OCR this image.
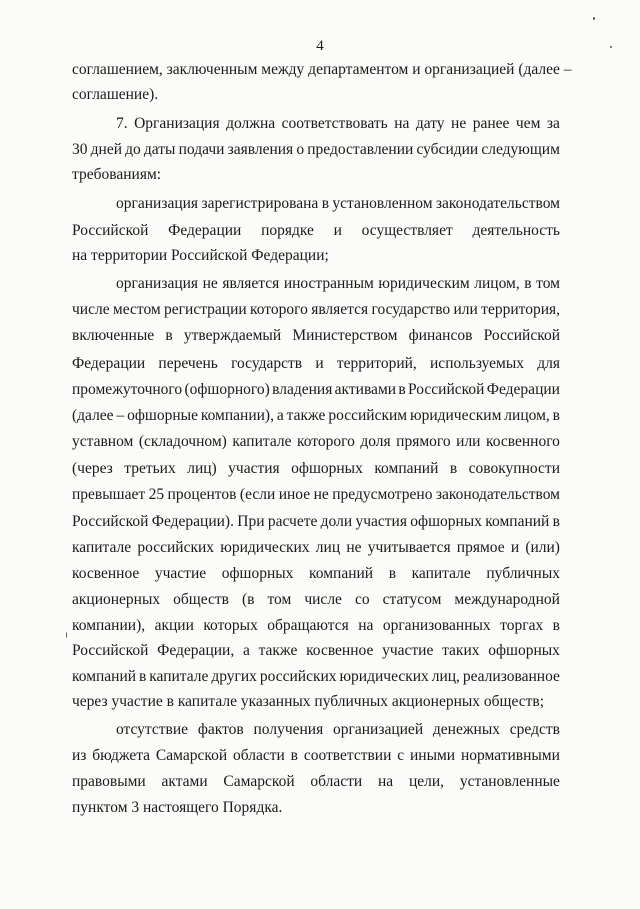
4
соглашением, заключенным между департаментом и организацией (далее –
соглашение).
7. Организация должна соответствовать на дату не ранее чем за
30 дней до даты подачи заявления о предоставлении субсидии следующим
требованиям:
организация зарегистрирована в установленном законодательством
Российской Федерации порядке и осуществляет деятельность
на территории Российской Федерации;
организация не является иностранным юридическим лицом, в том
числе местом регистрации которого является государство или территория,
включенные в утверждаемый Министерством финансов Российской
Федерации перечень государств и территорий, используемых для
промежуточного (офшорного) владения активами в Российской Федерации
(далее – офшорные компании), а также российским юридическим лицом, в
уставном (складочном) капитале которого доля прямого или косвенного
(через третьих лиц) участия офшорных компаний в совокупности
превышает 25 процентов (если иное не предусмотрено законодательством
Российской Федерации). При расчете доли участия офшорных компаний в
капитале российских юридических лиц не учитывается прямое и (или)
косвенное участие офшорных компаний в капитале публичных
акционерных обществ (в том числе со статусом международной
компании), акции которых обращаются на организованных торгах в
Российской Федерации, а также косвенное участие таких офшорных
компаний в капитале других российских юридических лиц, реализованное
через участие в капитале указанных публичных акционерных обществ;
отсутствие фактов получения организацией денежных средств
из бюджета Самарской области в соответствии с иными нормативными
правовыми актами Самарской области на цели, установленные
пунктом 3 настоящего Порядка.
